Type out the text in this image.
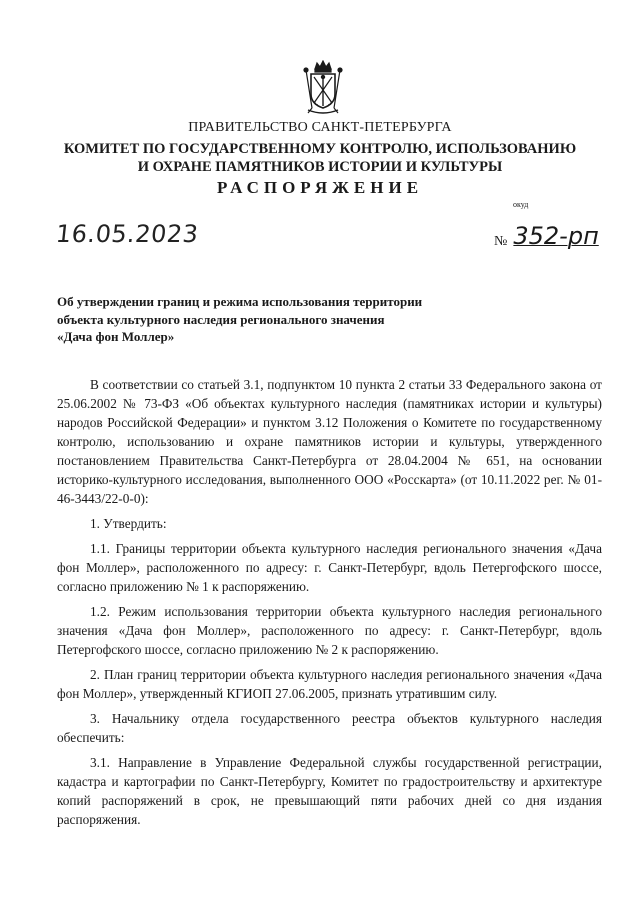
ПРАВИТЕЛЬСТВО САНКТ-ПЕТЕРБУРГА
КОМИТЕТ ПО ГОСУДАРСТВЕННОМУ КОНТРОЛЮ, ИСПОЛЬЗОВАНИЮ
И ОХРАНЕ ПАМЯТНИКОВ ИСТОРИИ И КУЛЬТУРЫ
РАСПОРЯЖЕНИЕ
окуд
16.05.2023	№ 352-рп
Об утверждении границ и режима использования территории
объекта культурного наследия регионального значения
«Дача фон Моллер»

В соответствии со статьей 3.1, подпунктом 10 пункта 2 статьи 33 Федерального закона от 25.06.2002 № 73-ФЗ «Об объектах культурного наследия (памятниках истории и культуры) народов Российской Федерации» и пунктом 3.12 Положения о Комитете по государственному контролю, использованию и охране памятников истории и культуры, утвержденного постановлением Правительства Санкт-Петербурга от 28.04.2004 № 651, на основании историко-культурного исследования, выполненного ООО «Росскарта» (от 10.11.2022 рег. № 01-46-3443/22-0-0):

1. Утвердить:

1.1. Границы территории объекта культурного наследия регионального значения «Дача фон Моллер», расположенного по адресу: г. Санкт-Петербург, вдоль Петергофского шоссе, согласно приложению № 1 к распоряжению.

1.2. Режим использования территории объекта культурного наследия регионального значения «Дача фон Моллер», расположенного по адресу: г. Санкт-Петербург, вдоль Петергофского шоссе, согласно приложению № 2 к распоряжению.

2. План границ территории объекта культурного наследия регионального значения «Дача фон Моллер», утвержденный КГИОП 27.06.2005, признать утратившим силу.

3. Начальнику отдела государственного реестра объектов культурного наследия обеспечить:

3.1. Направление в Управление Федеральной службы государственной регистрации, кадастра и картографии по Санкт-Петербургу, Комитет по градостроительству и архитектуре копий распоряжений в срок, не превышающий пяти рабочих дней со дня издания распоряжения.
